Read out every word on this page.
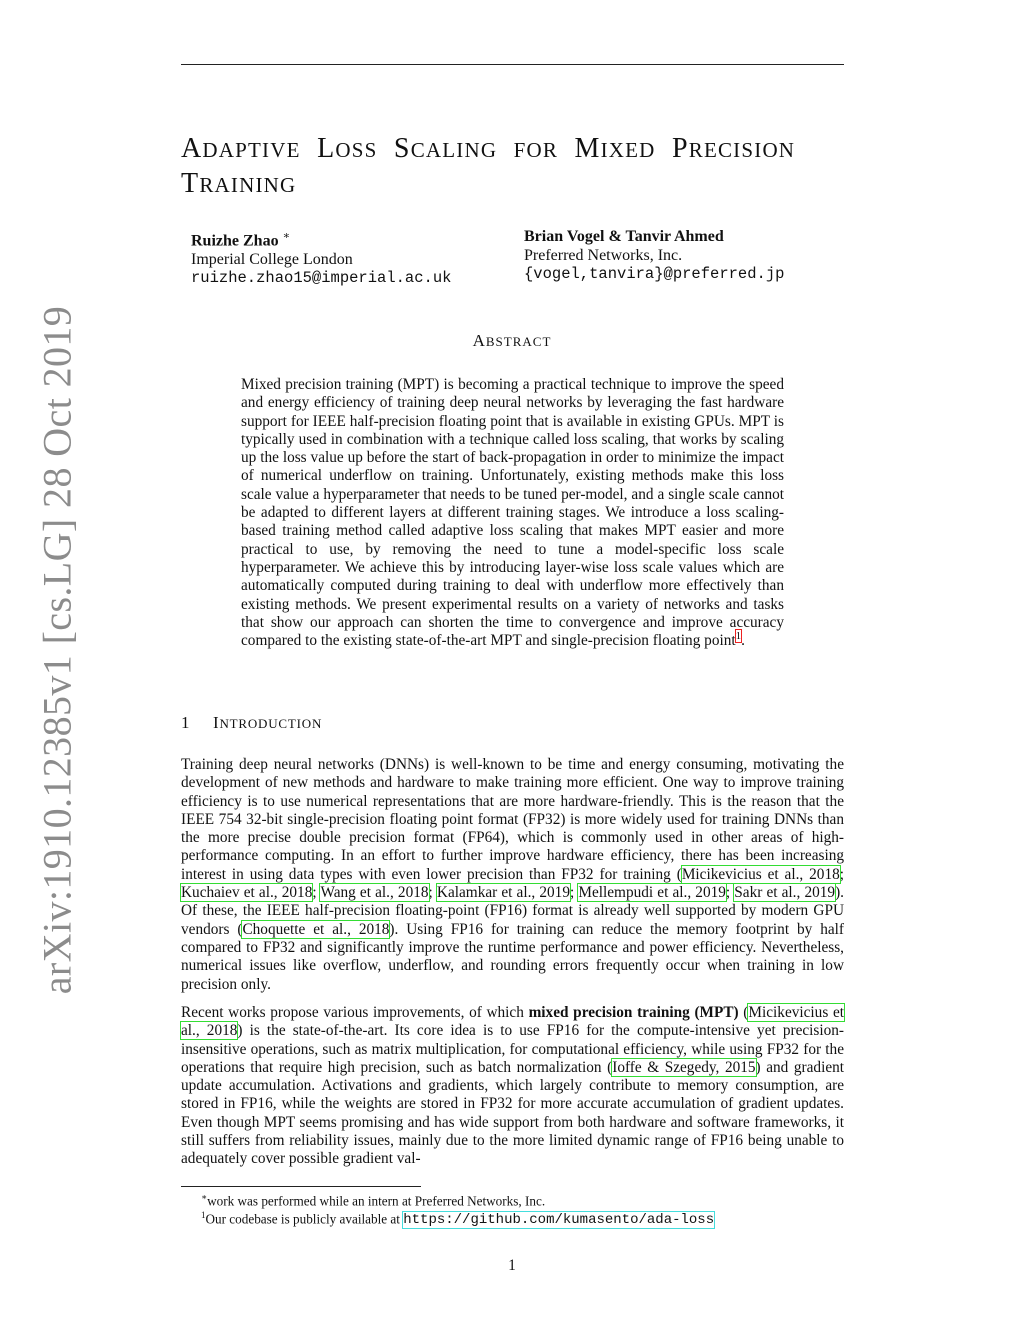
arXiv:1910.12385v1 [cs.LG] 28 Oct 2019
ADAPTIVE LOSS SCALING FOR MIXED PRECISION
TRAINING
Ruizhe Zhao ∗
Imperial College London
ruizhe.zhao15@imperial.ac.uk
Brian Vogel & Tanvir Ahmed
Preferred Networks, Inc.
{vogel,tanvira}@preferred.jp
ABSTRACT
Mixed precision training (MPT) is becoming a practical technique to improve the speed and energy efficiency of training deep neural networks by leveraging the fast hardware support for IEEE half-precision floating point that is available in existing GPUs. MPT is typically used in combination with a technique called loss scaling, that works by scaling up the loss value up before the start of back-propagation in order to minimize the impact of numerical underflow on training. Unfortunately, existing methods make this loss scale value a hyperparameter that needs to be tuned per-model, and a single scale cannot be adapted to different layers at different training stages. We introduce a loss scaling-based training method called adaptive loss scaling that makes MPT easier and more practical to use, by removing the need to tune a model-specific loss scale hyperparameter. We achieve this by introducing layer-wise loss scale values which are automatically computed during training to deal with underflow more effectively than existing methods. We present experimental results on a variety of networks and tasks that show our approach can shorten the time to convergence and improve accuracy compared to the existing state-of-the-art MPT and single-precision floating point$^1$.
1 INTRODUCTION
Training deep neural networks (DNNs) is well-known to be time and energy consuming, motivating the development of new methods and hardware to make training more efficient. One way to improve training efficiency is to use numerical representations that are more hardware-friendly. This is the reason that the IEEE 754 32-bit single-precision floating point format (FP32) is more widely used for training DNNs than the more precise double precision format (FP64), which is commonly used in other areas of high-performance computing. In an effort to further improve hardware efficiency, there has been increasing interest in using data types with even lower precision than FP32 for training (Micikevicius et al., 2018; Kuchaiev et al., 2018; Wang et al., 2018; Kalamkar et al., 2019; Mellempudi et al., 2019; Sakr et al., 2019). Of these, the IEEE half-precision floating-point (FP16) format is already well supported by modern GPU vendors (Choquette et al., 2018). Using FP16 for training can reduce the memory footprint by half compared to FP32 and significantly improve the runtime performance and power efficiency. Nevertheless, numerical issues like overflow, underflow, and rounding errors frequently occur when training in low precision only.
Recent works propose various improvements, of which mixed precision training (MPT) (Micikevicius et al., 2018) is the state-of-the-art. Its core idea is to use FP16 for the compute-intensive yet precision-insensitive operations, such as matrix multiplication, for computational efficiency, while using FP32 for the operations that require high precision, such as batch normalization (Ioffe & Szegedy, 2015) and gradient update accumulation. Activations and gradients, which largely contribute to memory consumption, are stored in FP16, while the weights are stored in FP32 for more accurate accumulation of gradient updates. Even though MPT seems promising and has wide support from both hardware and software frameworks, it still suffers from reliability issues, mainly due to the more limited dynamic range of FP16 being unable to adequately cover possible gradient val-
∗work was performed while an intern at Preferred Networks, Inc.
$^1$Our codebase is publicly available at https://github.com/kumasento/ada-loss
1
